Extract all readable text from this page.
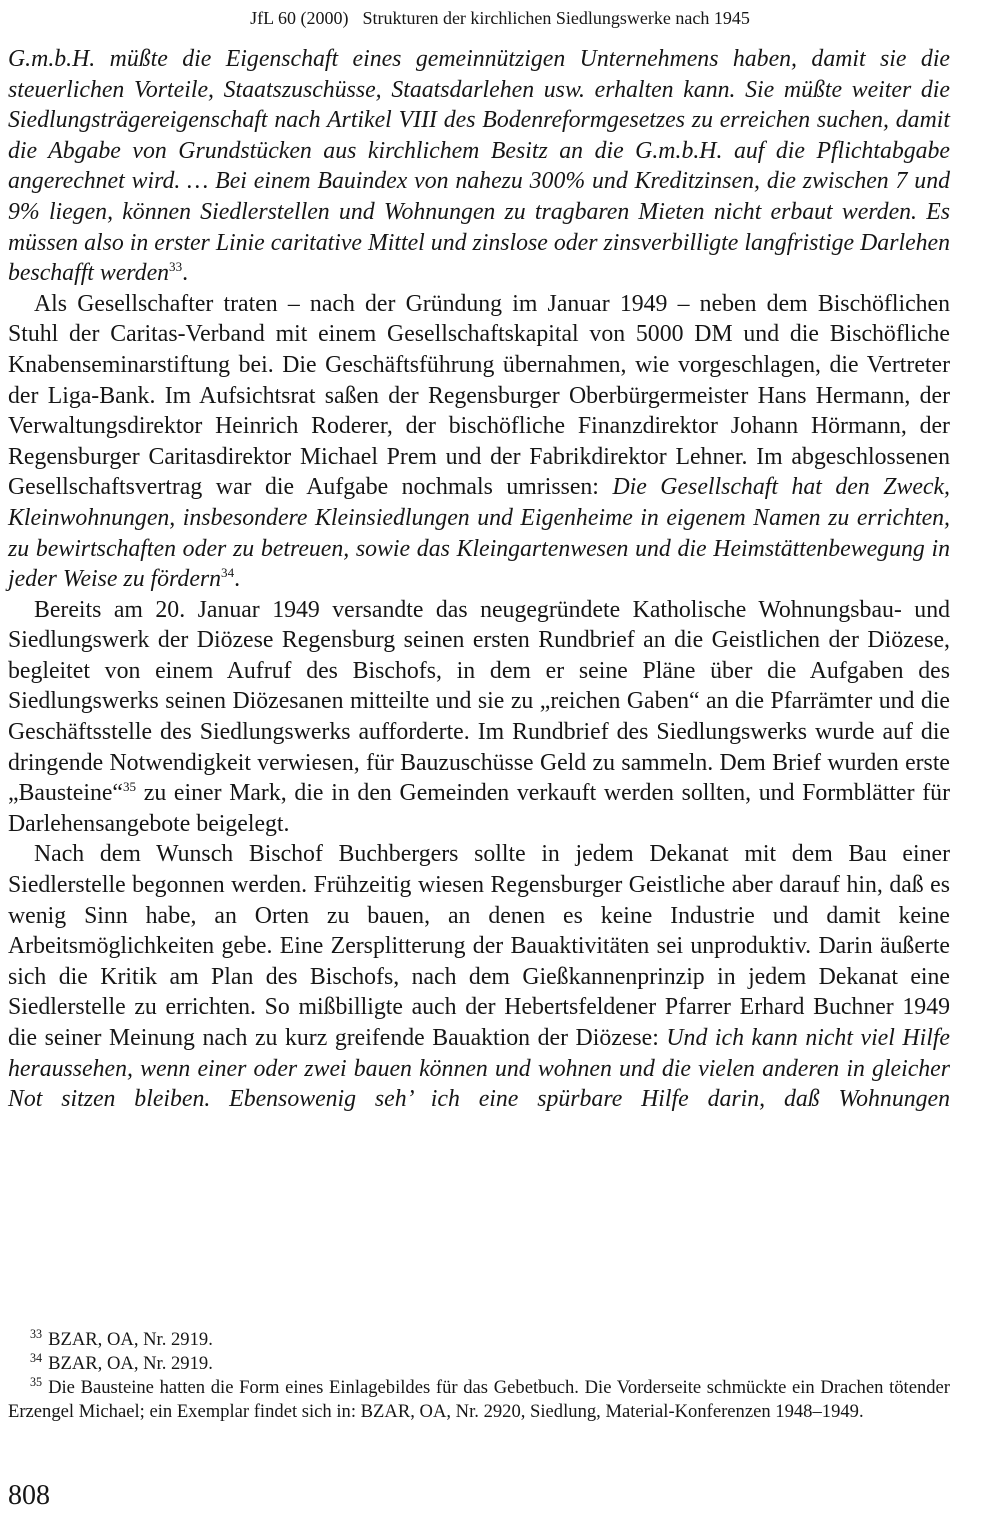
JfL 60 (2000) Strukturen der kirchlichen Siedlungswerke nach 1945

G.m.b.H. müßte die Eigenschaft eines gemeinnützigen Unternehmens haben, damit sie die steuerlichen Vorteile, Staatszuschüsse, Staatsdarlehen usw. erhalten kann. Sie müßte weiter die Siedlungsträgereigenschaft nach Artikel VIII des Bodenreformgesetzes zu erreichen suchen, damit die Abgabe von Grundstücken aus kirchlichem Besitz an die G.m.b.H. auf die Pflichtabgabe angerechnet wird. … Bei einem Bauindex von nahezu 300% und Kreditzinsen, die zwischen 7 und 9% liegen, können Siedlerstellen und Wohnungen zu tragbaren Mieten nicht erbaut werden. Es müssen also in erster Linie caritative Mittel und zinslose oder zinsverbilligte langfristige Darlehen beschafft werden$^{33}$.

Als Gesellschafter traten – nach der Gründung im Januar 1949 – neben dem Bischöflichen Stuhl der Caritas-Verband mit einem Gesellschaftskapital von 5000 DM und die Bischöfliche Knabenseminarstiftung bei. Die Geschäftsführung übernahmen, wie vorgeschlagen, die Vertreter der Liga-Bank. Im Aufsichtsrat saßen der Regensburger Oberbürgermeister Hans Hermann, der Verwaltungsdirektor Heinrich Roderer, der bischöfliche Finanzdirektor Johann Hörmann, der Regensburger Caritasdirektor Michael Prem und der Fabrikdirektor Lehner. Im abgeschlossenen Gesellschaftsvertrag war die Aufgabe nochmals umrissen: Die Gesellschaft hat den Zweck, Kleinwohnungen, insbesondere Kleinsiedlungen und Eigenheime in eigenem Namen zu errichten, zu bewirtschaften oder zu betreuen, sowie das Kleingartenwesen und die Heimstättenbewegung in jeder Weise zu fördern$^{34}$.

Bereits am 20. Januar 1949 versandte das neugegründete Katholische Wohnungsbau- und Siedlungswerk der Diözese Regensburg seinen ersten Rundbrief an die Geistlichen der Diözese, begleitet von einem Aufruf des Bischofs, in dem er seine Pläne über die Aufgaben des Siedlungswerks seinen Diözesanen mitteilte und sie zu „reichen Gaben“ an die Pfarrämter und die Geschäftsstelle des Siedlungswerks aufforderte. Im Rundbrief des Siedlungswerks wurde auf die dringende Notwendigkeit verwiesen, für Bauzuschüsse Geld zu sammeln. Dem Brief wurden erste „Bausteine“$^{35}$ zu einer Mark, die in den Gemeinden verkauft werden sollten, und Formblätter für Darlehensangebote beigelegt.

Nach dem Wunsch Bischof Buchbergers sollte in jedem Dekanat mit dem Bau einer Siedlerstelle begonnen werden. Frühzeitig wiesen Regensburger Geistliche aber darauf hin, daß es wenig Sinn habe, an Orten zu bauen, an denen es keine Industrie und damit keine Arbeitsmöglichkeiten gebe. Eine Zersplitterung der Bauaktivitäten sei unproduktiv. Darin äußerte sich die Kritik am Plan des Bischofs, nach dem Gießkannenprinzip in jedem Dekanat eine Siedlerstelle zu errichten. So mißbilligte auch der Hebertsfeldener Pfarrer Erhard Buchner 1949 die seiner Meinung nach zu kurz greifende Bauaktion der Diözese: Und ich kann nicht viel Hilfe heraussehen, wenn einer oder zwei bauen können und wohnen und die vielen anderen in gleicher Not sitzen bleiben. Ebensowenig seh’ ich eine spürbare Hilfe darin, daß Wohnungen

$^{33}$ BZAR, OA, Nr. 2919.

$^{34}$ BZAR, OA, Nr. 2919.

$^{35}$ Die Bausteine hatten die Form eines Einlagebildes für das Gebetbuch. Die Vorderseite schmückte ein Drachen tötender Erzengel Michael; ein Exemplar findet sich in: BZAR, OA, Nr. 2920, Siedlung, Material-Konferenzen 1948–1949.

808
